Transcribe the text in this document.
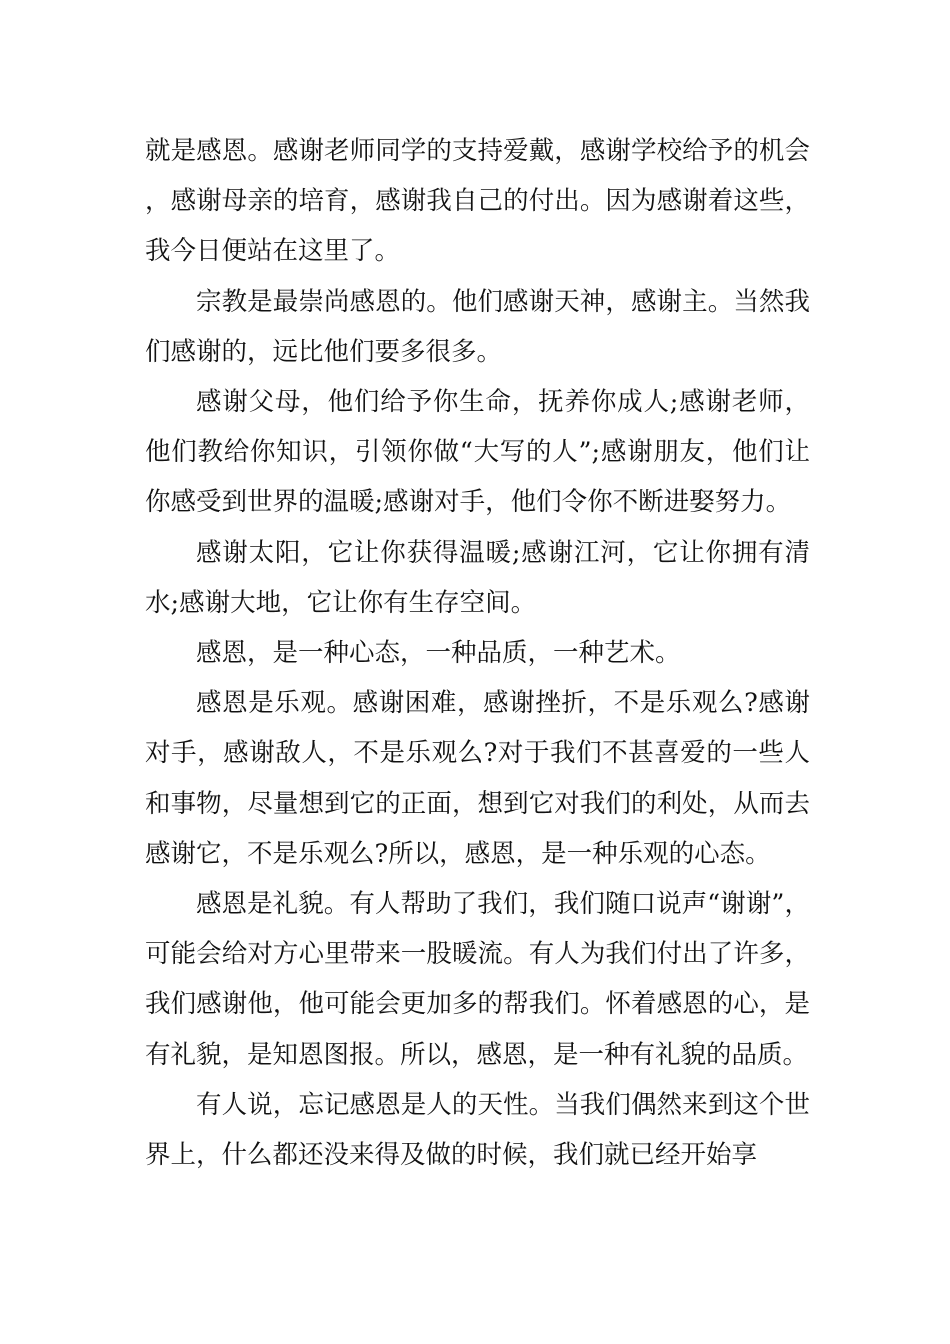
就是感恩。感谢老师同学的支持爱戴，感谢学校给予的机会，感谢母亲的培育，感谢我自己的付出。因为感谢着这些，我今日便站在这里了。

宗教是最崇尚感恩的。他们感谢天神，感谢主。当然我们感谢的，远比他们要多很多。

感谢父母，他们给予你生命，抚养你成人;感谢老师，他们教给你知识，引领你做“大写的人”;感谢朋友，他们让你感受到世界的温暖;感谢对手，他们令你不断进娶努力。

感谢太阳，它让你获得温暖;感谢江河，它让你拥有清水;感谢大地，它让你有生存空间。

感恩，是一种心态，一种品质，一种艺术。

感恩是乐观。感谢困难，感谢挫折，不是乐观么?感谢对手，感谢敌人，不是乐观么?对于我们不甚喜爱的一些人和事物，尽量想到它的正面，想到它对我们的利处，从而去感谢它，不是乐观么?所以，感恩，是一种乐观的心态。

感恩是礼貌。有人帮助了我们，我们随口说声“谢谢”，可能会给对方心里带来一股暖流。有人为我们付出了许多，我们感谢他，他可能会更加多的帮我们。怀着感恩的心，是有礼貌，是知恩图报。所以，感恩，是一种有礼貌的品质。

有人说，忘记感恩是人的天性。当我们偶然来到这个世界上，什么都还没来得及做的时候，我们就已经开始享
